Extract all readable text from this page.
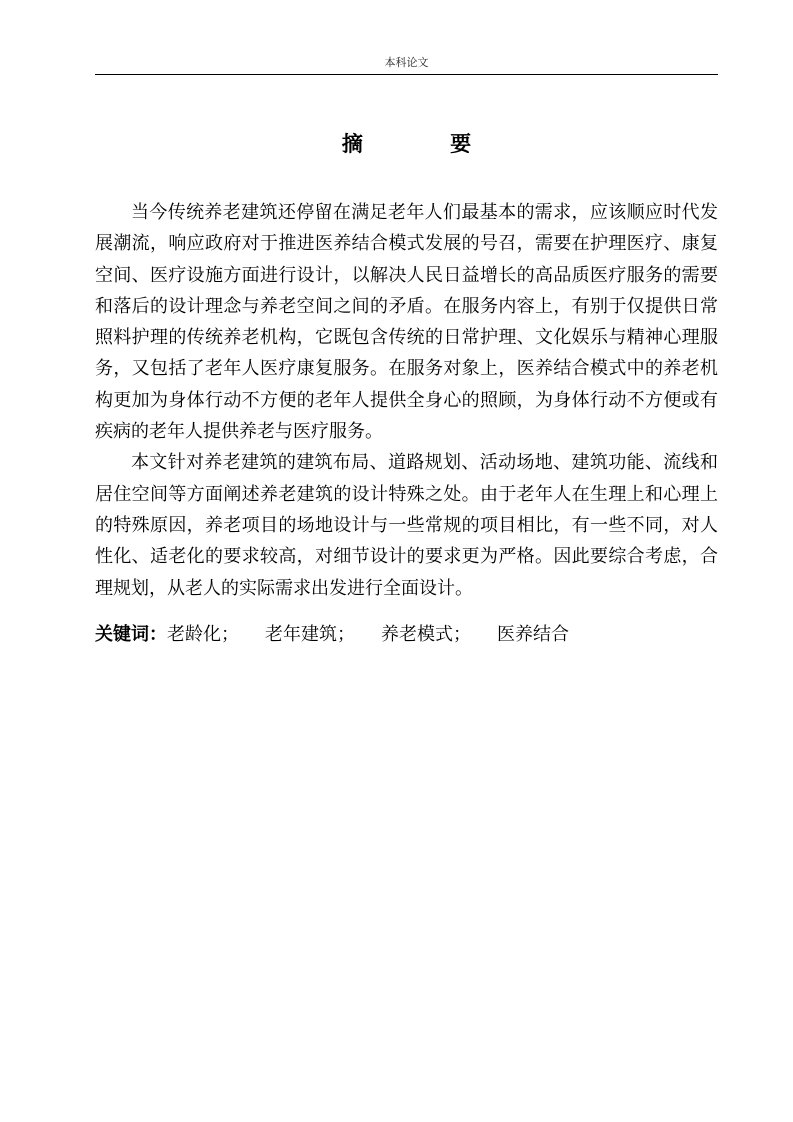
本科论文
摘 要

当今传统养老建筑还停留在满足老年人们最基本的需求，应该顺应时代发展潮流，响应政府对于推进医养结合模式发展的号召，需要在护理医疗、康复空间、医疗设施方面进行设计，以解决人民日益增长的高品质医疗服务的需要和落后的设计理念与养老空间之间的矛盾。在服务内容上，有别于仅提供日常照料护理的传统养老机构，它既包含传统的日常护理、文化娱乐与精神心理服务，又包括了老年人医疗康复服务。在服务对象上，医养结合模式中的养老机构更加为身体行动不方便的老年人提供全身心的照顾，为身体行动不方便或有疾病的老年人提供养老与医疗服务。

本文针对养老建筑的建筑布局、道路规划、活动场地、建筑功能、流线和居住空间等方面阐述养老建筑的设计特殊之处。由于老年人在生理上和心理上的特殊原因，养老项目的场地设计与一些常规的项目相比，有一些不同，对人性化、适老化的要求较高，对细节设计的要求更为严格。因此要综合考虑，合理规划，从老人的实际需求出发进行全面设计。

关键词：老龄化； 老年建筑； 养老模式； 医养结合
